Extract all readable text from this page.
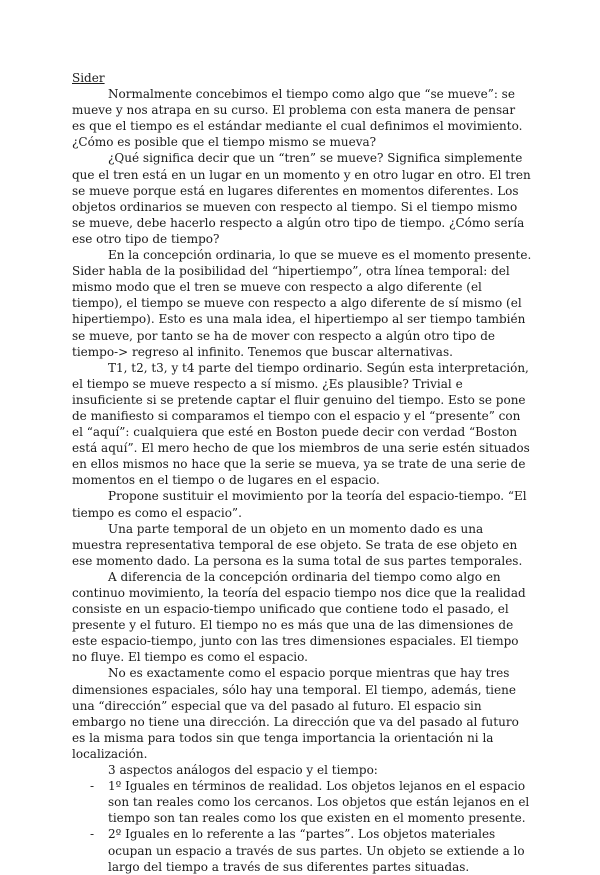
Sider

Normalmente concebimos el tiempo como algo que “se mueve”: se mueve y nos atrapa en su curso. El problema con esta manera de pensar es que el tiempo es el estándar mediante el cual definimos el movimiento. ¿Cómo es posible que el tiempo mismo se mueva?

¿Qué significa decir que un “tren” se mueve? Significa simplemente que el tren está en un lugar en un momento y en otro lugar en otro. El tren se mueve porque está en lugares diferentes en momentos diferentes. Los objetos ordinarios se mueven con respecto al tiempo. Si el tiempo mismo se mueve, debe hacerlo respecto a algún otro tipo de tiempo. ¿Cómo sería ese otro tipo de tiempo?

En la concepción ordinaria, lo que se mueve es el momento presente. Sider habla de la posibilidad del “hipertiempo”, otra línea temporal: del mismo modo que el tren se mueve con respecto a algo diferente (el tiempo), el tiempo se mueve con respecto a algo diferente de sí mismo (el hipertiempo). Esto es una mala idea, el hipertiempo al ser tiempo también se mueve, por tanto se ha de mover con respecto a algún otro tipo de tiempo-> regreso al infinito. Tenemos que buscar alternativas.

T1, t2, t3, y t4 parte del tiempo ordinario. Según esta interpretación, el tiempo se mueve respecto a sí mismo. ¿Es plausible? Trivial e insuficiente si se pretende captar el fluir genuino del tiempo. Esto se pone de manifiesto si comparamos el tiempo con el espacio y el “presente” con el “aquí”: cualquiera que esté en Boston puede decir con verdad “Boston está aquí”. El mero hecho de que los miembros de una serie estén situados en ellos mismos no hace que la serie se mueva, ya se trate de una serie de momentos en el tiempo o de lugares en el espacio.

Propone sustituir el movimiento por la teoría del espacio-tiempo. “El tiempo es como el espacio”.

Una parte temporal de un objeto en un momento dado es una muestra representativa temporal de ese objeto. Se trata de ese objeto en ese momento dado. La persona es la suma total de sus partes temporales.

A diferencia de la concepción ordinaria del tiempo como algo en continuo movimiento, la teoría del espacio tiempo nos dice que la realidad consiste en un espacio-tiempo unificado que contiene todo el pasado, el presente y el futuro. El tiempo no es más que una de las dimensiones de este espacio-tiempo, junto con las tres dimensiones espaciales. El tiempo no fluye. El tiempo es como el espacio.

No es exactamente como el espacio porque mientras que hay tres dimensiones espaciales, sólo hay una temporal. El tiempo, además, tiene una “dirección” especial que va del pasado al futuro. El espacio sin embargo no tiene una dirección. La dirección que va del pasado al futuro es la misma para todos sin que tenga importancia la orientación ni la localización.

3 aspectos análogos del espacio y el tiempo:

- 1º Iguales en términos de realidad. Los objetos lejanos en el espacio son tan reales como los cercanos. Los objetos que están lejanos en el tiempo son tan reales como los que existen en el momento presente.
- 2º Iguales en lo referente a las “partes”. Los objetos materiales ocupan un espacio a través de sus partes. Un objeto se extiende a lo largo del tiempo a través de sus diferentes partes situadas.
